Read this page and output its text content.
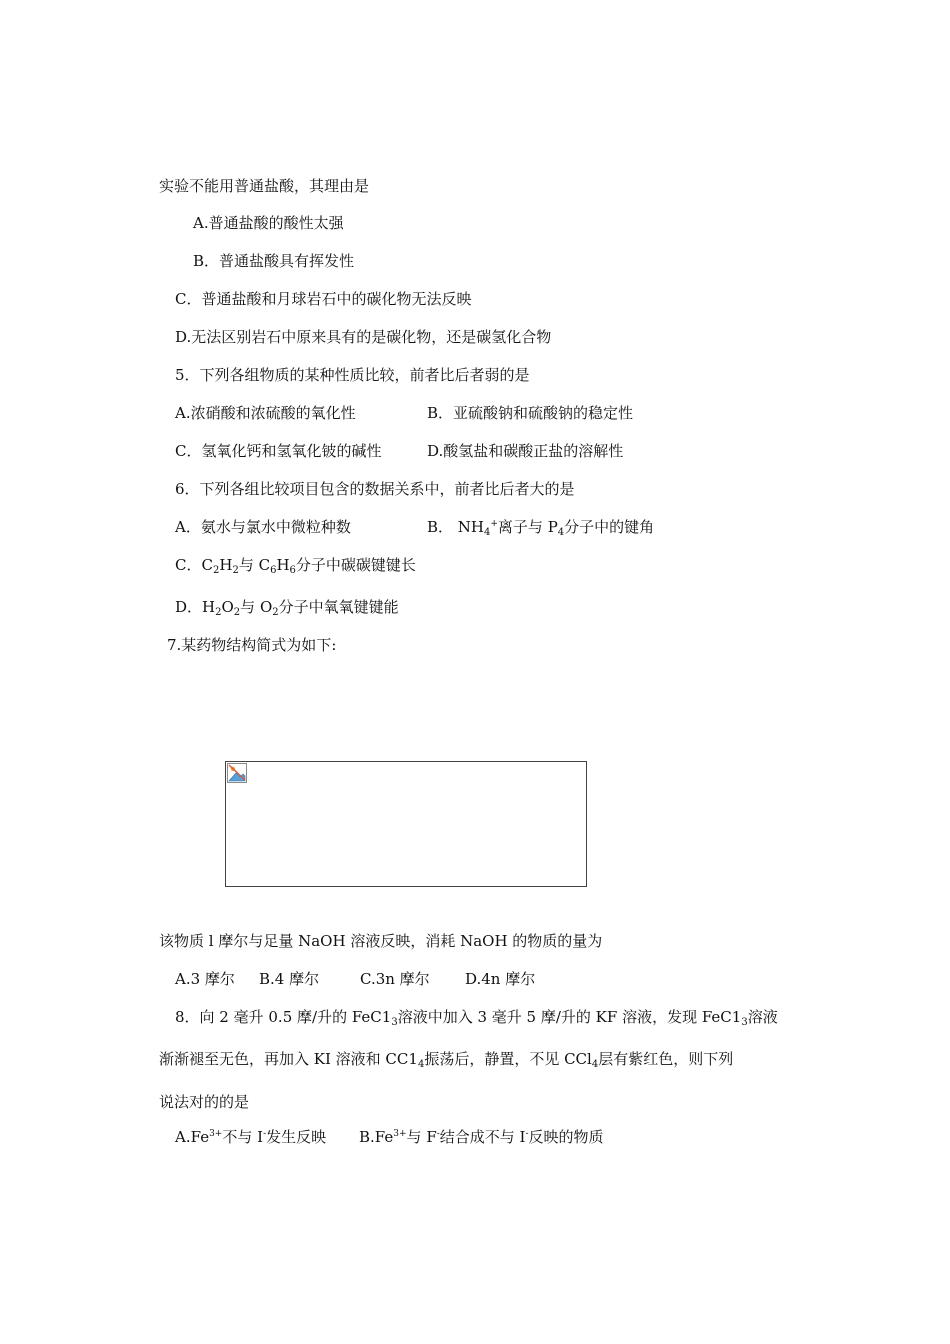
实验不能用普通盐酸，其理由是
A.普通盐酸的酸性太强
B．普通盐酸具有挥发性
C．普通盐酸和月球岩石中的碳化物无法反映
D.无法区别岩石中原来具有的是碳化物，还是碳氢化合物
5．下列各组物质的某种性质比较，前者比后者弱的是
A.浓硝酸和浓硫酸的氧化性	B．亚硫酸钠和硫酸钠的稳定性
C．氢氧化钙和氢氧化铍的碱性	D.酸氢盐和碳酸正盐的溶解性
6．下列各组比较项目包含的数据关系中，前者比后者大的是
A．氨水与氯水中微粒种数	B． $NH_4^+$离子与 $P_4$分子中的键角
C．$C_2H_2$与 $C_6H_6$分子中碳碳键键长
D．$H_2O_2$与 $O_2$分子中氧氧键键能
7.某药物结构简式为如下:
该物质 l 摩尔与足量 NaOH 溶液反映，消耗 NaOH 的物质的量为
A.3 摩尔 B.4 摩尔	C.3n 摩尔 D.4n 摩尔
8．向 2 毫升 0.5 摩/升的 $FeC1_3$溶液中加入 3 毫升 5 摩/升的 KF 溶液，发现 $FeC1_3$溶液
渐渐褪至无色，再加入 KI 溶液和 $CC1_4$振荡后，静置，不见 CCl$_4$层有紫红色，则下列
说法对的的是
$A.Fe^{3+}$不与 I-发生反映 $B.Fe^{3+}$与 F-结合成不与 I-反映的物质
